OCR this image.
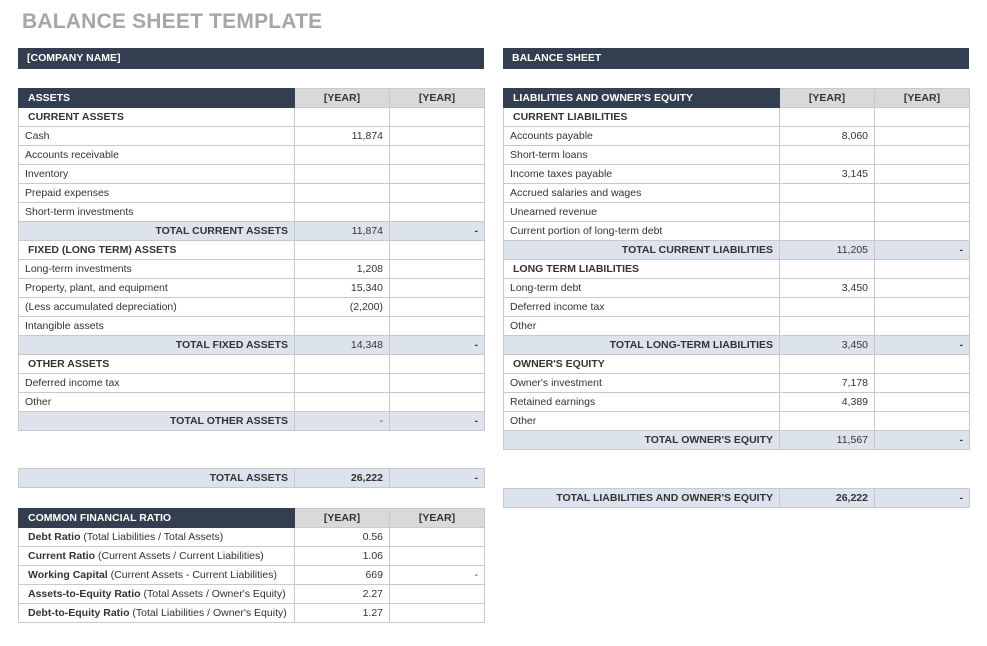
BALANCE SHEET TEMPLATE
[COMPANY NAME]	BALANCE SHEET
ASSETS	[YEAR]	[YEAR]
CURRENT ASSETS		
Cash	11,874	
Accounts receivable		
Inventory		
Prepaid expenses		
Short-term investments		
TOTAL CURRENT ASSETS	11,874	-
FIXED (LONG TERM) ASSETS		
Long-term investments	1,208	
Property, plant, and equipment	15,340	
(Less accumulated depreciation)	(2,200)	
Intangible assets		
TOTAL FIXED ASSETS	14,348	-
OTHER ASSETS		
Deferred income tax		
Other		
TOTAL OTHER ASSETS	-	-
TOTAL ASSETS	26,222	-
COMMON FINANCIAL RATIO	[YEAR]	[YEAR]
Debt Ratio (Total Liabilities / Total Assets)	0.56	
Current Ratio (Current Assets / Current Liabilities)	1.06	
Working Capital (Current Assets - Current Liabilities)	669	-
Assets-to-Equity Ratio (Total Assets / Owner's Equity)	2.27	
Debt-to-Equity Ratio (Total Liabilities / Owner's Equity)	1.27	
LIABILITIES AND OWNER'S EQUITY	[YEAR]	[YEAR]
CURRENT LIABILITIES		
Accounts payable	8,060	
Short-term loans		
Income taxes payable	3,145	
Accrued salaries and wages		
Unearned revenue		
Current portion of long-term debt		
TOTAL CURRENT LIABILITIES	11,205	-
LONG TERM LIABILITIES		
Long-term debt	3,450	
Deferred income tax		
Other		
TOTAL LONG-TERM LIABILITIES	3,450	-
OWNER'S EQUITY		
Owner's investment	7,178	
Retained earnings	4,389	
Other		
TOTAL OWNER'S EQUITY	11,567	-
TOTAL LIABILITIES AND OWNER'S EQUITY	26,222	-
